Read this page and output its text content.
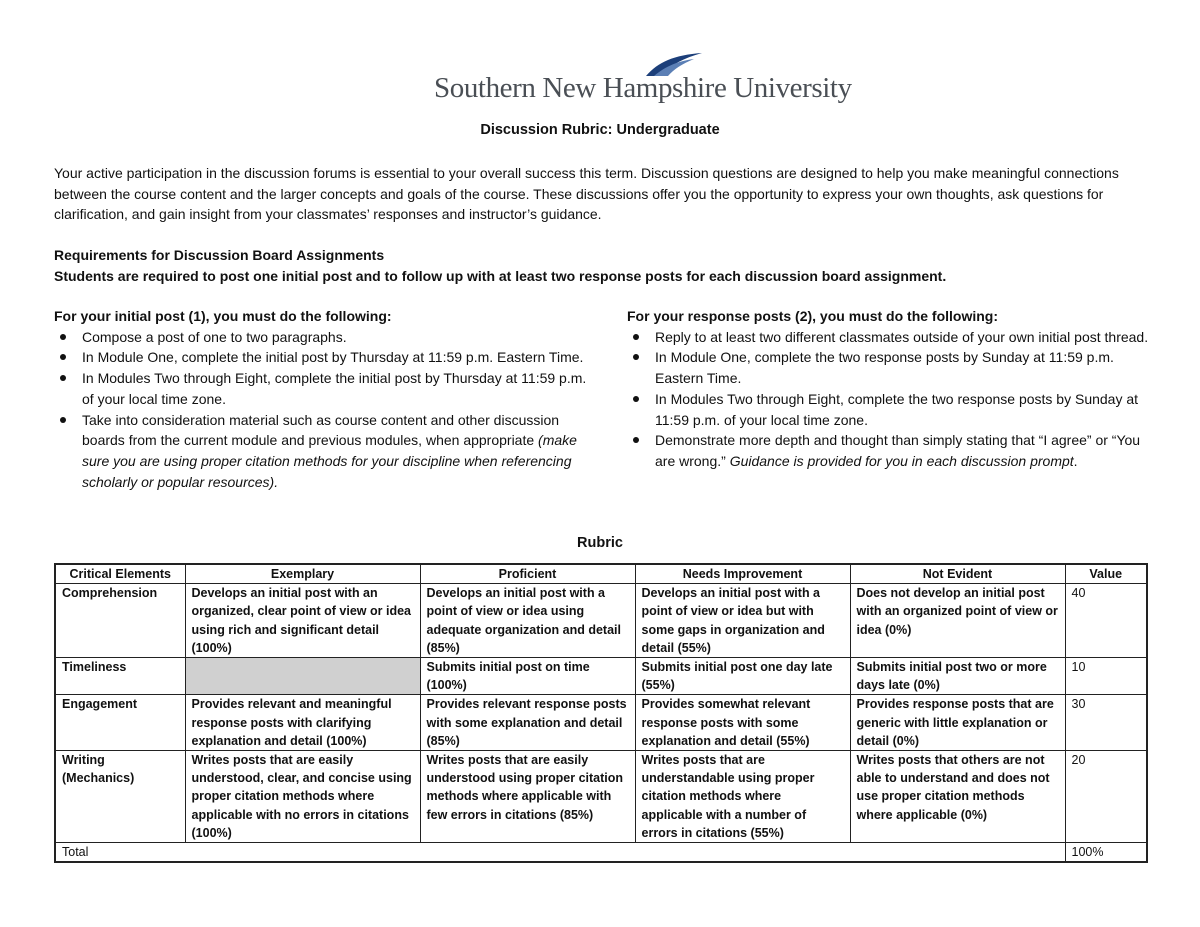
Southern New Hampshire University
Discussion Rubric: Undergraduate

Your active participation in the discussion forums is essential to your overall success this term. Discussion questions are designed to help you make meaningful connections between the course content and the larger concepts and goals of the course. These discussions offer you the opportunity to express your own thoughts, ask questions for clarification, and gain insight from your classmates’ responses and instructor’s guidance.

Requirements for Discussion Board Assignments
Students are required to post one initial post and to follow up with at least two response posts for each discussion board assignment.
For your initial post (1), you must do the following:
Compose a post of one to two paragraphs.
In Module One, complete the initial post by Thursday at 11:59 p.m. Eastern Time.
In Modules Two through Eight, complete the initial post by Thursday at 11:59 p.m. of your local time zone.
Take into consideration material such as course content and other discussion boards from the current module and previous modules, when appropriate (make sure you are using proper citation methods for your discipline when referencing scholarly or popular resources).
For your response posts (2), you must do the following:
Reply to at least two different classmates outside of your own initial post thread.
In Module One, complete the two response posts by Sunday at 11:59 p.m. Eastern Time.
In Modules Two through Eight, complete the two response posts by Sunday at 11:59 p.m. of your local time zone.
Demonstrate more depth and thought than simply stating that “I agree” or “You are wrong.” Guidance is provided for you in each discussion prompt.
Rubric
Critical Elements	Exemplary	Proficient	Needs Improvement	Not Evident	Value
Comprehension	Develops an initial post with an organized, clear point of view or idea using rich and significant detail (100%)	Develops an initial post with a point of view or idea using adequate organization and detail (85%)	Develops an initial post with a point of view or idea but with some gaps in organization and detail (55%)	Does not develop an initial post with an organized point of view or idea (0%)	40
Timeliness		Submits initial post on time (100%)	Submits initial post one day late (55%)	Submits initial post two or more days late (0%)	10
Engagement	Provides relevant and meaningful response posts with clarifying explanation and detail (100%)	Provides relevant response posts with some explanation and detail (85%)	Provides somewhat relevant response posts with some explanation and detail (55%)	Provides response posts that are generic with little explanation or detail (0%)	30
Writing (Mechanics)	Writes posts that are easily understood, clear, and concise using proper citation methods where applicable with no errors in citations (100%)	Writes posts that are easily understood using proper citation methods where applicable with few errors in citations (85%)	Writes posts that are understandable using proper citation methods where applicable with a number of errors in citations (55%)	Writes posts that others are not able to understand and does not use proper citation methods where applicable (0%)	20
Total					100%
